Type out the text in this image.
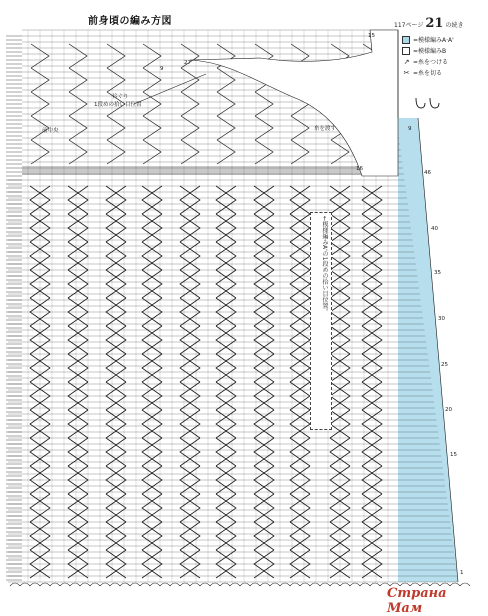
前身頃の編み方図	117ページ 21 の続き
=模様編みA·A'
=模様編みB
↗ =糸をつける
✂ =糸を切る
前中央
衿ぐり
1段めの拾い目位置
糸を渡す
←模様編みA'の1段めの拾い目位置。
27
15
9
9
16
46
40
35
30
25
20
15
1
Страна Мам
